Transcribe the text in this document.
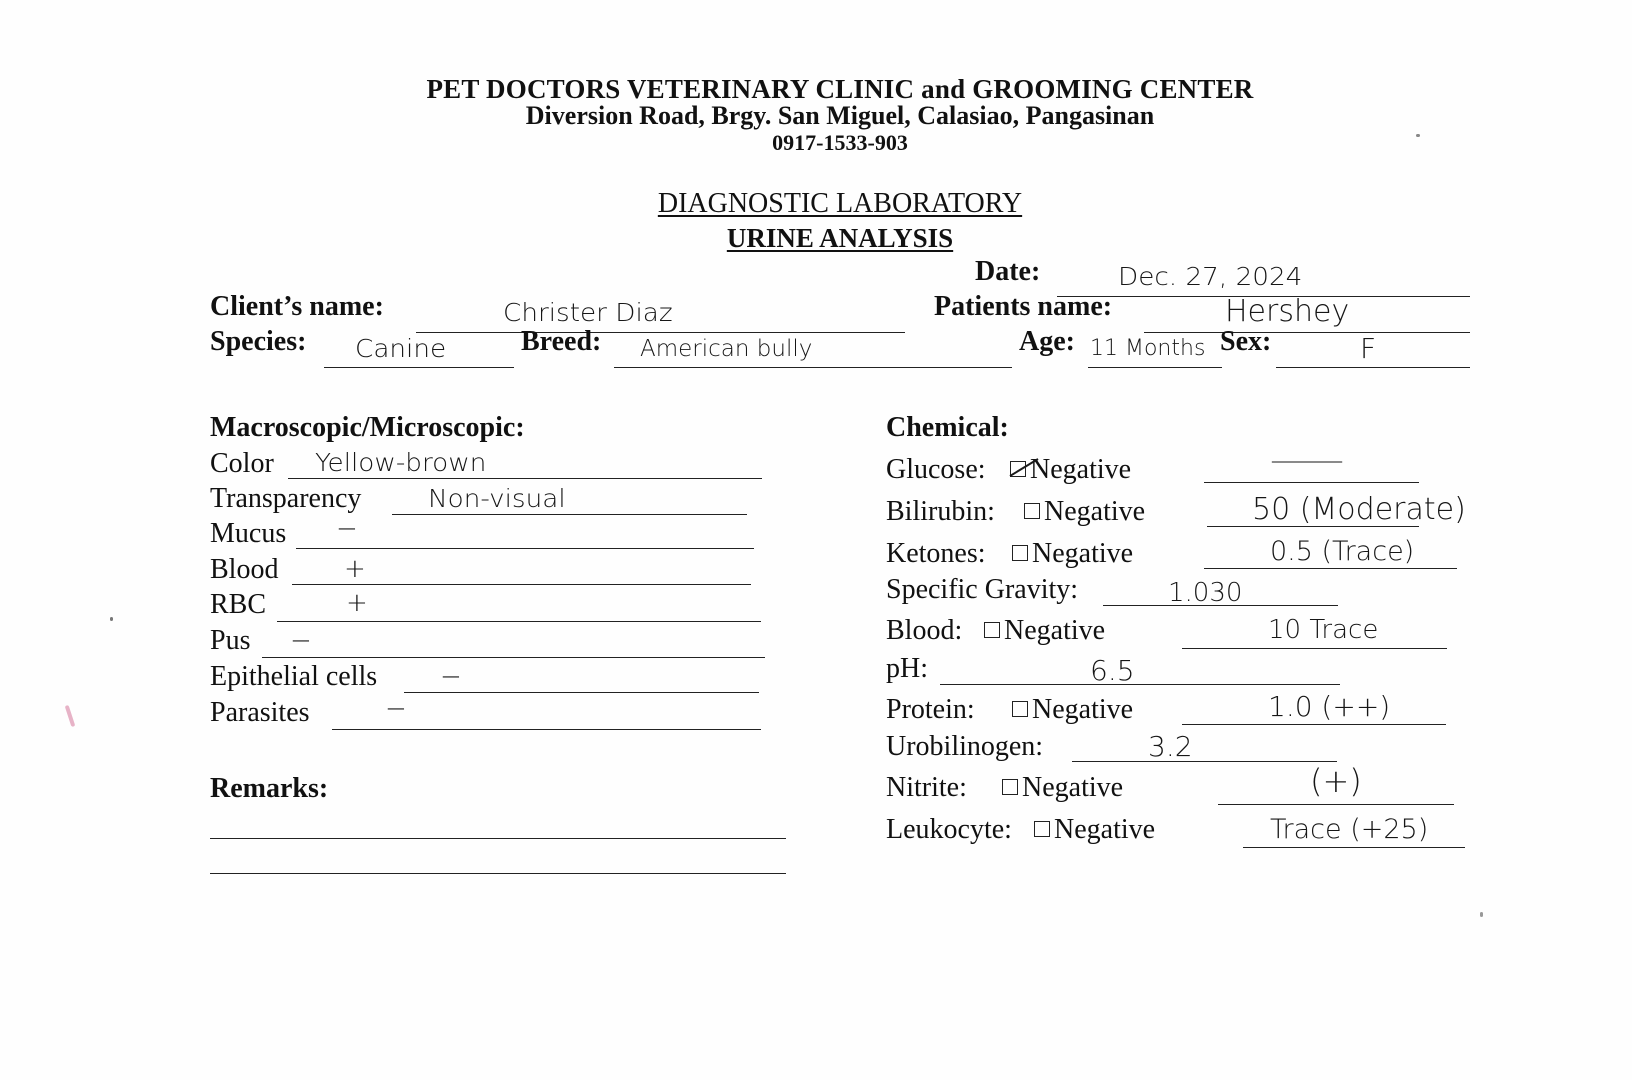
PET DOCTORS VETERINARY CLINIC and GROOMING CENTER
Diversion Road, Brgy. San Miguel, Calasiao, Pangasinan
0917-1533-903
DIAGNOSTIC LABORATORY
URINE ANALYSIS
Date:	Dec. 27, 2024
Client’s name:	Christer Diaz	Patients name:	Hershey
Species: Canine	Breed: American bully	Age: 11 Months Sex:	F
Macroscopic/Microscopic:
Color Yellow-brown
Transparency	Non-visual
Mucus −
Blood	+
RBC	+
Pus −
Epithelial cells −
Parasites	−
Remarks:
Chemical:
Glucose:	Negative	—
Bilirubin:	Negative	50 (Moderate)
Ketones:	Negative	0.5 (Trace)
Specific Gravity:	1.030
Blood:	Negative	10 Trace
pH:	6.5
Protein:	Negative	1.0 (++)
Urobilinogen:	3.2
Nitrite:	Negative	(+)
Leukocyte:	Negative	Trace (+25)
